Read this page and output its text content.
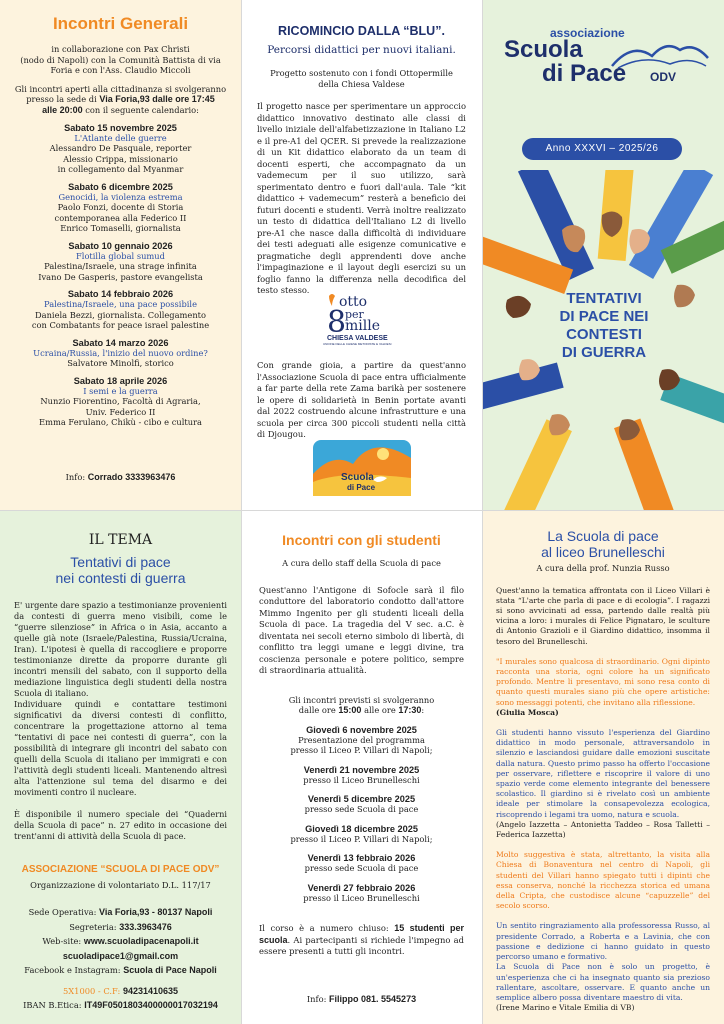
Incontri Generali
in collaborazione con Pax Christi
(nodo di Napoli) con la Comunità Battista di via
Foria e con l'Ass. Claudio Miccoli
Gli incontri aperti alla cittadinanza si svolgeranno
presso la sede di Via Foria,93 dalle ore 17:45
alle 20:00 con il seguente calendario:
Sabato 15 novembre 2025
L'Atlante delle guerre
Alessandro De Pasquale, reporter
Alessio Crippa, missionario
in collegamento dal Myanmar
Sabato 6 dicembre 2025
Genocidi, la violenza estrema
Paolo Fonzi, docente di Storia
contemporanea alla Federico II
Enrico Tomaselli, giornalista
Sabato 10 gennaio 2026
Flotilla global sumud
Palestina/Israele, una strage infinita
Ivano De Gasperis, pastore evangelista
Sabato 14 febbraio 2026
Palestina/Israele, una pace possibile
Daniela Bezzi, giornalista. Collegamento
con Combatants for peace israel palestine
Sabato 14 marzo 2026
Ucraina/Russia, l'inizio del nuovo ordine?
Salvatore Minolfi, storico
Sabato 18 aprile 2026
I semi e la guerra
Nunzio Fiorentino, Facoltà di Agraria,
Univ. Federico II
Emma Ferulano, Chikù - cibo e cultura
Info: Corrado 3333963476
RICOMINCIO DALLA “BLU”.
Percorsi didattici per nuovi italiani.
Progetto sostenuto con i fondi Ottopermille
della Chiesa Valdese
Il progetto nasce per sperimentare un approccio didattico innovativo destinato alle classi di livello iniziale dell'alfabetizzazione in Italiano L2 e il pre-A1 del QCER. Si prevede la realizzazione di un Kit didattico elaborato da un team di docenti esperti, che accompagnato da un vademecum per il suo utilizzo, sarà sperimentato dentro e fuori dall'aula. Tale “kit didattico + vademecum” resterà a beneficio dei futuri docenti e studenti. Verrà inoltre realizzato un testo di didattica dell'Italiano L2 di livello pre-A1 che nasce dalla difficoltà di individuare dei testi adeguati alle esigenze comunicative e pragmatiche degli apprendenti dove anche l'impaginazione e il layout degli esercizi su un foglio fanno la differenza nella decodifica del testo stesso.
8
otto
per
mille
CHIESA VALDESE
UNIONE DELLE CHIESE METODISTE E VALDESI
Con grande gioia, a partire da quest'anno l'Associazione Scuola di pace entra ufficialmente a far parte della rete Zama barikà per sostenere le opere di solidarietà in Benin portate avanti dal 2022 costruendo alcune infrastrutture e una scuola per circa 300 piccoli studenti nella città di Djougou.
Scuola
di Pace
associazione
Scuola
di Pace ODV
Anno XXXVI – 2025/26
TENTATIVI
DI PACE NEI
CONTESTI
DI GUERRA
IL TEMA
Tentativi di pace
nei contesti di guerra
E' urgente dare spazio a testimonianze provenienti da contesti di guerra meno visibili, come le “guerre silenziose” in Africa o in Asia, accanto a quelle già note (Israele/Palestina, Russia/Ucraina, Iran). L'ipotesi è quella di raccogliere e proporre testimonianze dirette da proporre durante gli incontri mensili del sabato, con il supporto della mediazione linguistica degli studenti della nostra Scuola di italiano.
Individuare quindi e contattare testimoni significativi da diversi contesti di conflitto, concentrare la progettazione attorno al tema “tentativi di pace nei contesti di guerra”, con la possibilità di integrare gli incontri del sabato con quelli della Scuola di italiano per immigrati e con l'attività degli studenti liceali. Mantenendo altresì alta l'attenzione sul tema del disarmo e dei movimenti contro il nucleare.
È disponibile il numero speciale dei “Quaderni della Scuola di pace” n. 27 edito in occasione dei trent'anni di attività della Scuola di pace.
ASSOCIAZIONE “SCUOLA DI PACE ODV”
Organizzazione di volontariato D.L. 117/17
Sede Operativa: Via Foria,93 - 80137 Napoli
Segreteria: 333.3963476
Web-site: www.scuoladipacenapoli.it
scuoladipace1@gmail.com
Facebook e Instagram: Scuola di Pace Napoli
5X1000 - C.F: 94231410635
IBAN B.Etica: IT49F0501803400000017032194
Incontri con gli studenti
A cura dello staff della Scuola di pace
Quest'anno l'Antigone di Sofocle sarà il filo conduttore del laboratorio condotto dall'attore Mimmo Ingenito per gli studenti liceali della Scuola di pace. La tragedia del V sec. a.C. è diventata nei secoli eterno simbolo di libertà, di conflitto tra leggi umane e leggi divine, tra coscienza personale e potere politico, sempre di straordinaria attualità.
Gli incontri previsti si svolgeranno
dalle ore 15:00 alle ore 17:30:
Giovedì 6 novembre 2025
Presentazione del programma
presso il Liceo P. Villari di Napoli;
Venerdì 21 novembre 2025
presso il Liceo Brunelleschi
Venerdì 5 dicembre 2025
presso sede Scuola di pace
Giovedì 18 dicembre 2025
presso il Liceo P. Villari di Napoli;
Venerdì 13 febbraio 2026
presso sede Scuola di pace
Venerdì 27 febbraio 2026
presso il Liceo Brunelleschi
Il corso è a numero chiuso: 15 studenti per scuola. Ai partecipanti si richiede l'impegno ad essere presenti a tutti gli incontri.
Info: Filippo 081. 5545273
La Scuola di pace
al liceo Brunelleschi
A cura della prof. Nunzia Russo
Quest'anno la tematica affrontata con il Liceo Villari è stata “L'arte che parla di pace e di ecologia”. I ragazzi si sono avvicinati ad essa, partendo dalle realtà più vicina a loro: i murales di Felice Pignataro, le sculture di Antonio Grazioli e il Giardino didattico, insomma il tesoro del Brunelleschi.
"I murales sono qualcosa di straordinario. Ogni dipinto racconta una storia, ogni colore ha un significato profondo. Mentre li presentavo, mi sono resa conto di quanto questi murales siano più che opere artistiche: sono messaggi potenti, che invitano alla riflessione.
(Giulia Mosca)
Gli studenti hanno vissuto l'esperienza del Giardino didattico in modo personale, attraversandolo in silenzio e lasciandosi guidare dalle emozioni suscitate dalla natura. Questo primo passo ha offerto l'occasione per osservare, riflettere e riscoprire il valore di uno spazio verde come elemento integrante del benessere scolastico. Il giardino si è rivelato così un ambiente ideale per stimolare la consapevolezza ecologica, riscoprendo i legami tra uomo, natura e scuola.
(Angelo Iazzetta – Antonietta Taddeo – Rosa Talletti – Federica Iazzetta)
Molto suggestiva è stata, altrettanto, la visita alla Chiesa di Bonaventura nel centro di Napoli, gli studenti del Villari hanno spiegato tutti i dipinti che essa conserva, nonché la ricchezza storica ed umana della Cripta, che custodisce alcune “capuzzelle” del secolo scorso.
Un sentito ringraziamento alla professoressa Russo, al presidente Corrado, a Roberta e a Lavinia, che con passione e dedizione ci hanno guidato in questo percorso umano e formativo.
La Scuola di Pace non è solo un progetto, è un'esperienza che ci ha insegnato quanto sia prezioso rallentare, ascoltare, osservare. E quanto anche un semplice albero possa diventare maestro di vita.
(Irene Marino e Vitale Emilia di VB)
